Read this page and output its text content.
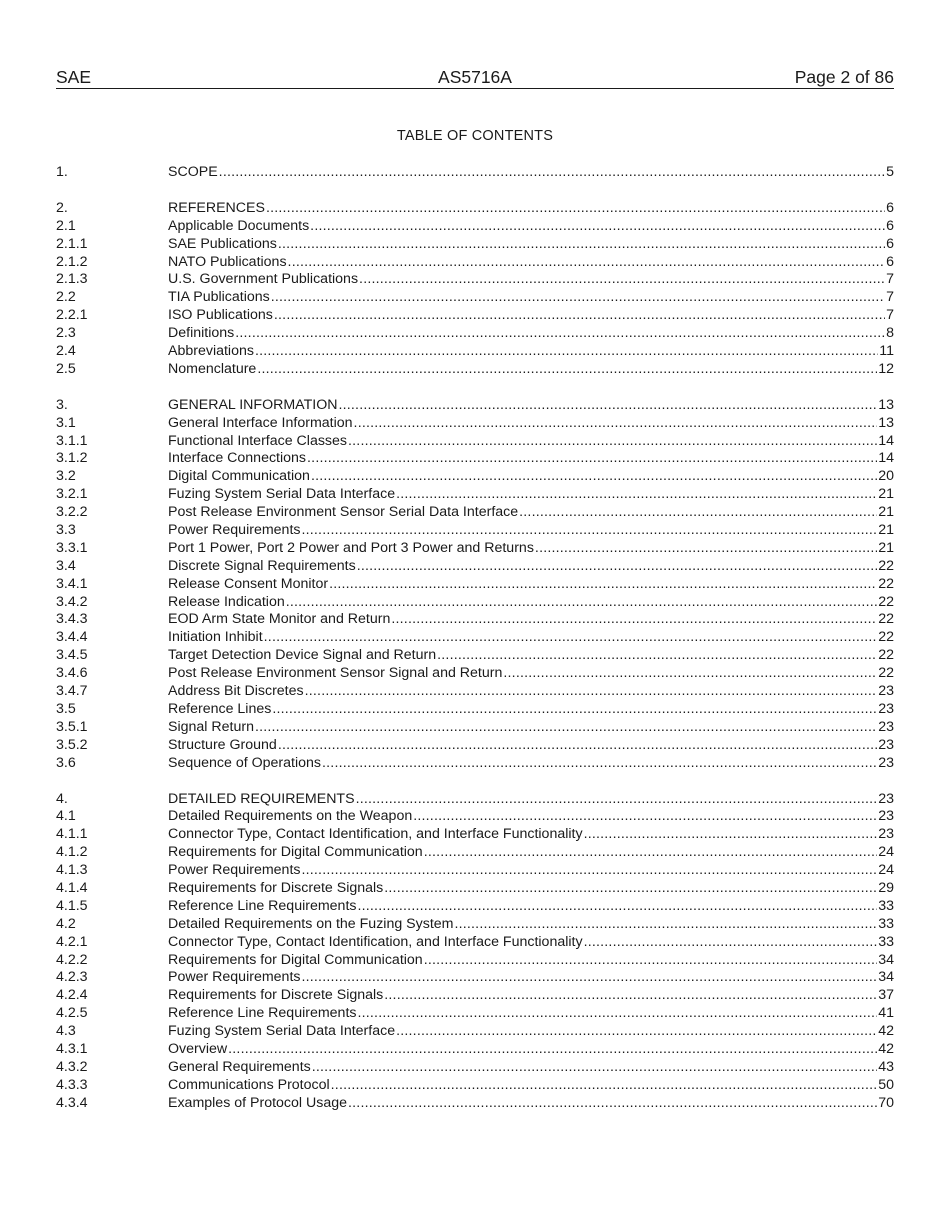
AS5716A
SAE	Page 2 of 86
TABLE OF CONTENTS
1.	SCOPE .....	5
2.	REFERENCES .....	6
2.1	Applicable Documents .....	6
2.1.1	SAE Publications .....	6
2.1.2	NATO Publications .....	6
2.1.3	U.S. Government Publications .....	7
2.2	TIA Publications .....	7
2.2.1	ISO Publications .....	7
2.3	Definitions .....	8
2.4	Abbreviations .....	11
2.5	Nomenclature .....	12
3.	GENERAL INFORMATION .....	13
3.1	General Interface Information .....	13
3.1.1	Functional Interface Classes .....	14
3.1.2	Interface Connections .....	14
3.2	Digital Communication .....	20
3.2.1	Fuzing System Serial Data Interface .....	21
3.2.2	Post Release Environment Sensor Serial Data Interface .....	21
3.3	Power Requirements .....	21
3.3.1	Port 1 Power, Port 2 Power and Port 3 Power and Returns .....	21
3.4	Discrete Signal Requirements .....	22
3.4.1	Release Consent Monitor .....	22
3.4.2	Release Indication .....	22
3.4.3	EOD Arm State Monitor and Return .....	22
3.4.4	Initiation Inhibit .....	22
3.4.5	Target Detection Device Signal and Return .....	22
3.4.6	Post Release Environment Sensor Signal and Return .....	22
3.4.7	Address Bit Discretes .....	23
3.5	Reference Lines .....	23
3.5.1	Signal Return .....	23
3.5.2	Structure Ground .....	23
3.6	Sequence of Operations .....	23
4.	DETAILED REQUIREMENTS .....	23
4.1	Detailed Requirements on the Weapon .....	23
4.1.1	Connector Type, Contact Identification, and Interface Functionality .....	23
4.1.2	Requirements for Digital Communication .....	24
4.1.3	Power Requirements .....	24
4.1.4	Requirements for Discrete Signals .....	29
4.1.5	Reference Line Requirements .....	33
4.2	Detailed Requirements on the Fuzing System .....	33
4.2.1	Connector Type, Contact Identification, and Interface Functionality .....	33
4.2.2	Requirements for Digital Communication .....	34
4.2.3	Power Requirements .....	34
4.2.4	Requirements for Discrete Signals .....	37
4.2.5	Reference Line Requirements .....	41
4.3	Fuzing System Serial Data Interface .....	42
4.3.1	Overview .....	42
4.3.2	General Requirements .....	43
4.3.3	Communications Protocol .....	50
4.3.4	Examples of Protocol Usage .....	70
